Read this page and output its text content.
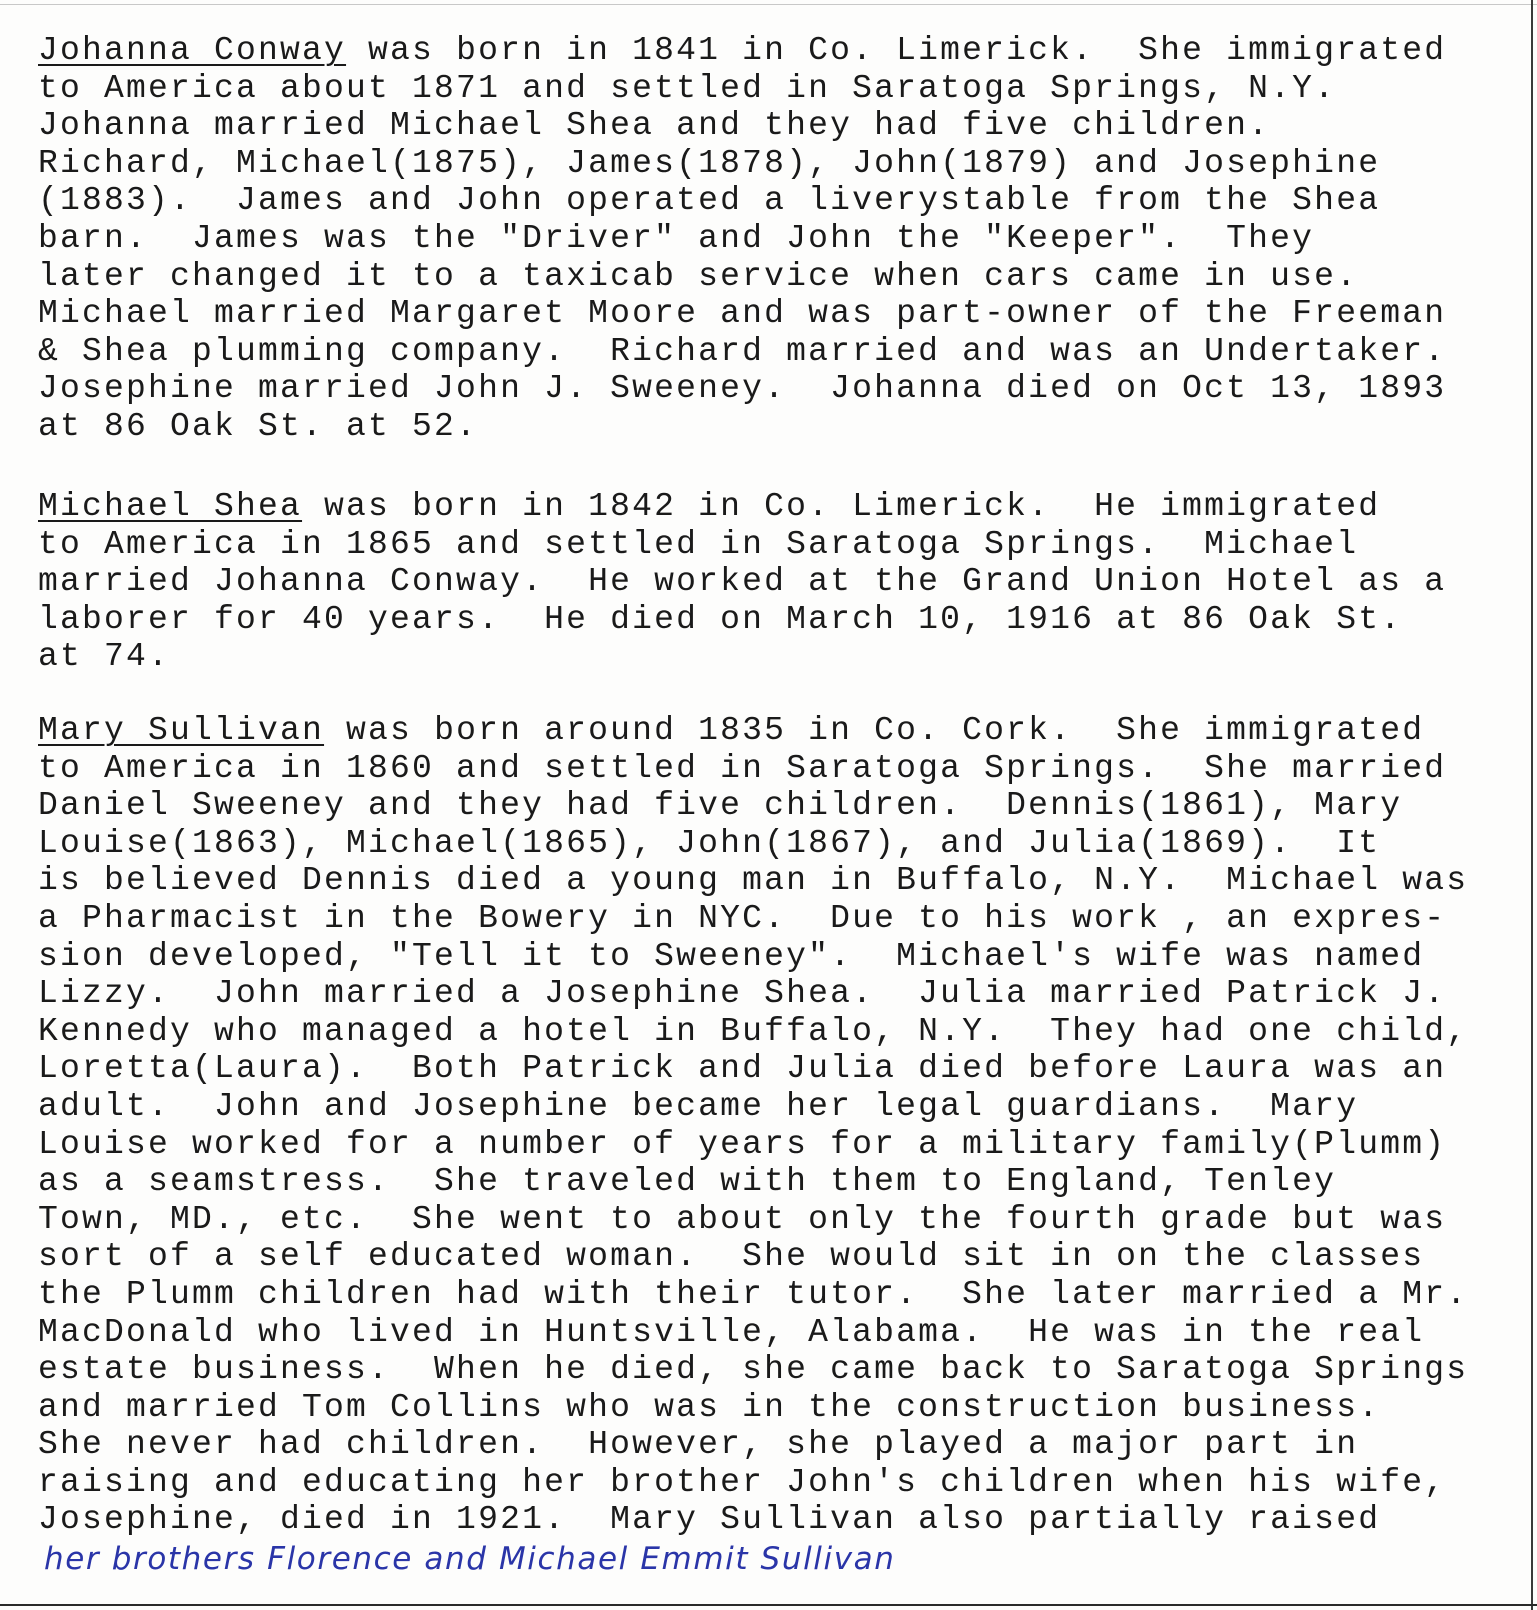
Johanna Conway was born in 1841 in Co. Limerick.  She immigrated
to America about 1871 and settled in Saratoga Springs, N.Y.
Johanna married Michael Shea and they had five children.
Richard, Michael(1875), James(1878), John(1879) and Josephine
(1883).  James and John operated a liverystable from the Shea
barn.  James was the "Driver" and John the "Keeper".  They
later changed it to a taxicab service when cars came in use.
Michael married Margaret Moore and was part-owner of the Freeman
& Shea plumming company.  Richard married and was an Undertaker.
Josephine married John J. Sweeney.  Johanna died on Oct 13, 1893
at 86 Oak St. at 52.
Michael Shea was born in 1842 in Co. Limerick.  He immigrated
to America in 1865 and settled in Saratoga Springs.  Michael
married Johanna Conway.  He worked at the Grand Union Hotel as a
laborer for 40 years.  He died on March 10, 1916 at 86 Oak St.
at 74.
Mary Sullivan was born around 1835 in Co. Cork.  She immigrated
to America in 1860 and settled in Saratoga Springs.  She married
Daniel Sweeney and they had five children.  Dennis(1861), Mary
Louise(1863), Michael(1865), John(1867), and Julia(1869).  It
is believed Dennis died a young man in Buffalo, N.Y.  Michael was
a Pharmacist in the Bowery in NYC.  Due to his work , an expres-
sion developed, "Tell it to Sweeney".  Michael's wife was named
Lizzy.  John married a Josephine Shea.  Julia married Patrick J.
Kennedy who managed a hotel in Buffalo, N.Y.  They had one child,
Loretta(Laura).  Both Patrick and Julia died before Laura was an
adult.  John and Josephine became her legal guardians.  Mary
Louise worked for a number of years for a military family(Plumm)
as a seamstress.  She traveled with them to England, Tenley
Town, MD., etc.  She went to about only the fourth grade but was
sort of a self educated woman.  She would sit in on the classes
the Plumm children had with their tutor.  She later married a Mr.
MacDonald who lived in Huntsville, Alabama.  He was in the real
estate business.  When he died, she came back to Saratoga Springs
and married Tom Collins who was in the construction business.
She never had children.  However, she played a major part in
raising and educating her brother John's children when his wife,
Josephine, died in 1921.  Mary Sullivan also partially raised
her brothers Florence and Michael Emmit Sullivan
